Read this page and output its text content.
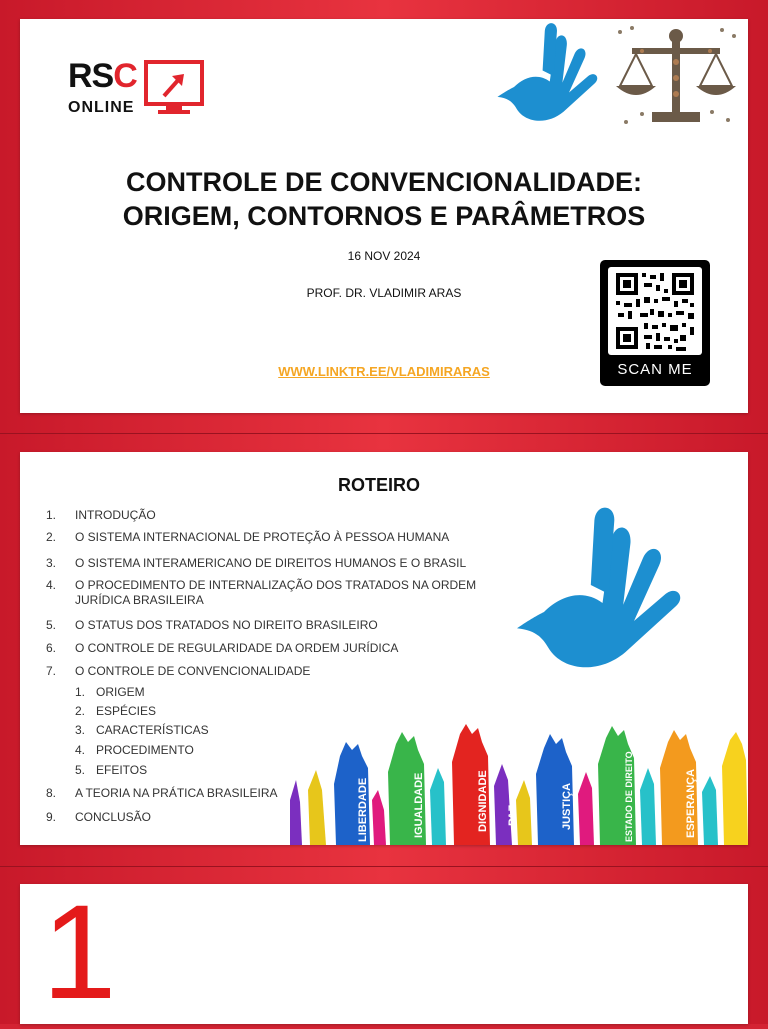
RSC
ONLINE
CONTROLE DE CONVENCIONALIDADE:
ORIGEM, CONTORNOS E PARÂMETROS
16 NOV 2024
PROF. DR. VLADIMIR ARAS
WWW.LINKTR.EE/VLADIMIRARAS	SCAN ME
ROTEIRO
1. INTRODUÇÃO
2. O SISTEMA INTERNACIONAL DE PROTEÇÃO À PESSOA HUMANA
3. O SISTEMA INTERAMERICANO DE DIREITOS HUMANOS E O BRASIL
4. O PROCEDIMENTO DE INTERNALIZAÇÃO DOS TRATADOS NA ORDEM JURÍDICA BRASILEIRA
5. O STATUS DOS TRATADOS NO DIREITO BRASILEIRO
6. O CONTROLE DE REGULARIDADE DA ORDEM JURÍDICA
7. O CONTROLE DE CONVENCIONALIDADE
1. ORIGEM
2. ESPÉCIES
3. CARACTERÍSTICAS
4. PROCEDIMENTO
5. EFEITOS
8. A TEORIA NA PRÁTICA BRASILEIRA
9. CONCLUSÃO	LIBERDADE	IGUALDADE	DIGNIDADE PAZ	JUSTIÇA	ESTADO DE DIREITO	ESPERANÇA
1
